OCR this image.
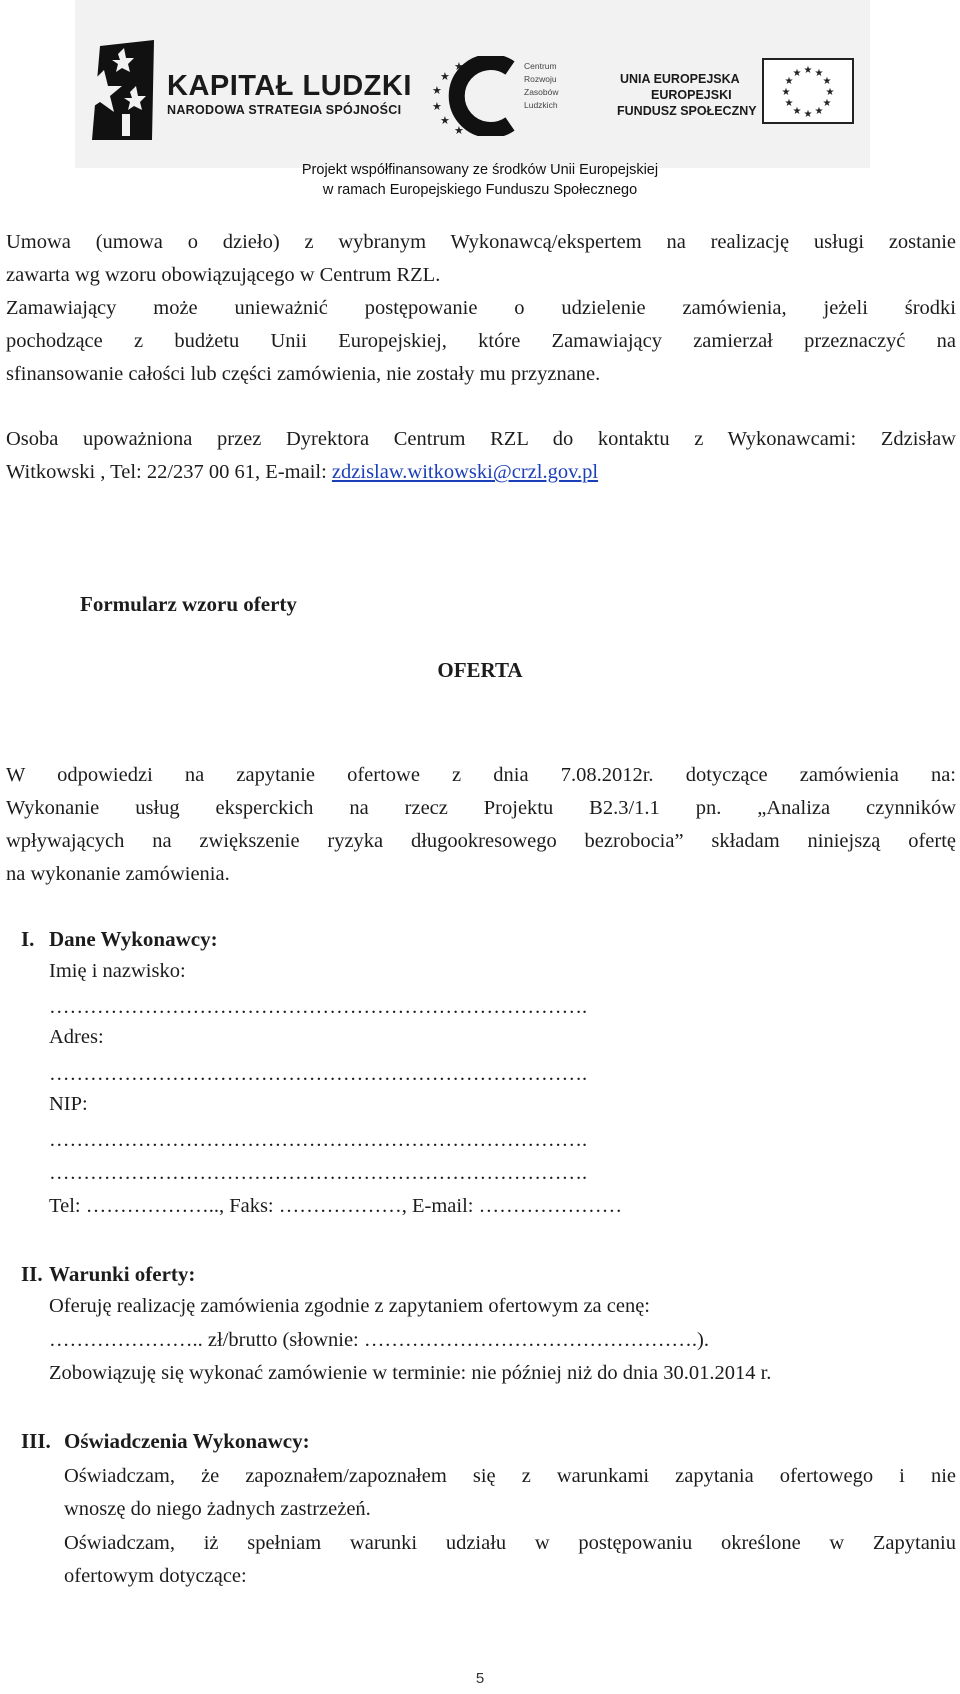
KAPITAŁ LUDZKI
NARODOWA STRATEGIA SPÓJNOŚCI
★
★
★
★
★
★
★
★
Centrum Rozwoju Zasobów Ludzkich
UNIA EUROPEJSKA
EUROPEJSKI
FUNDUSZ SPOŁECZNY
★ ★
★
★
★
★
★
★
★
★
★
★
Projekt współfinansowany ze środków Unii Europejskiej
w ramach Europejskiego Funduszu Społecznego
Umowa (umowa o dzieło) z wybranym Wykonawcą/ekspertem na realizację usługi zostanie
zawarta wg wzoru obowiązującego w Centrum RZL.
Zamawiający może unieważnić postępowanie o udzielenie zamówienia, jeżeli środki
pochodzące z budżetu Unii Europejskiej, które Zamawiający zamierzał przeznaczyć na
sfinansowanie całości lub części zamówienia, nie zostały mu przyznane.
Osoba upoważniona przez Dyrektora Centrum RZL do kontaktu z Wykonawcami: Zdzisław
Witkowski , Tel: 22/237 00 61, E-mail: zdzislaw.witkowski@crzl.gov.pl
Formularz wzoru oferty
OFERTA
W odpowiedzi na zapytanie ofertowe z dnia 7.08.2012r. dotyczące zamówienia na:
Wykonanie usług eksperckich na rzecz Projektu B2.3/1.1 pn. „Analiza czynników
wpływających na zwiększenie ryzyka długookresowego bezrobocia” składam niniejszą ofertę
na wykonanie zamówienia.
I. Dane Wykonawcy:
Imię i nazwisko:
…………………………………………………………………….
Adres:
…………………………………………………………………….
NIP:
…………………………………………………………………….
…………………………………………………………………….
Tel: ……………….., Faks: ………………, E-mail: …………………
II. Warunki oferty:
Oferuję realizację zamówienia zgodnie z zapytaniem ofertowym za cenę:
………………….. zł/brutto (słownie: ………………………………………….).
Zobowiązuję się wykonać zamówienie w terminie: nie później niż do dnia 30.01.2014 r.
III. Oświadczenia Wykonawcy:
Oświadczam, że zapoznałem/zapoznałem się z warunkami zapytania ofertowego i nie
wnoszę do niego żadnych zastrzeżeń.
Oświadczam, iż spełniam warunki udziału w postępowaniu określone w Zapytaniu
ofertowym dotyczące:
5
